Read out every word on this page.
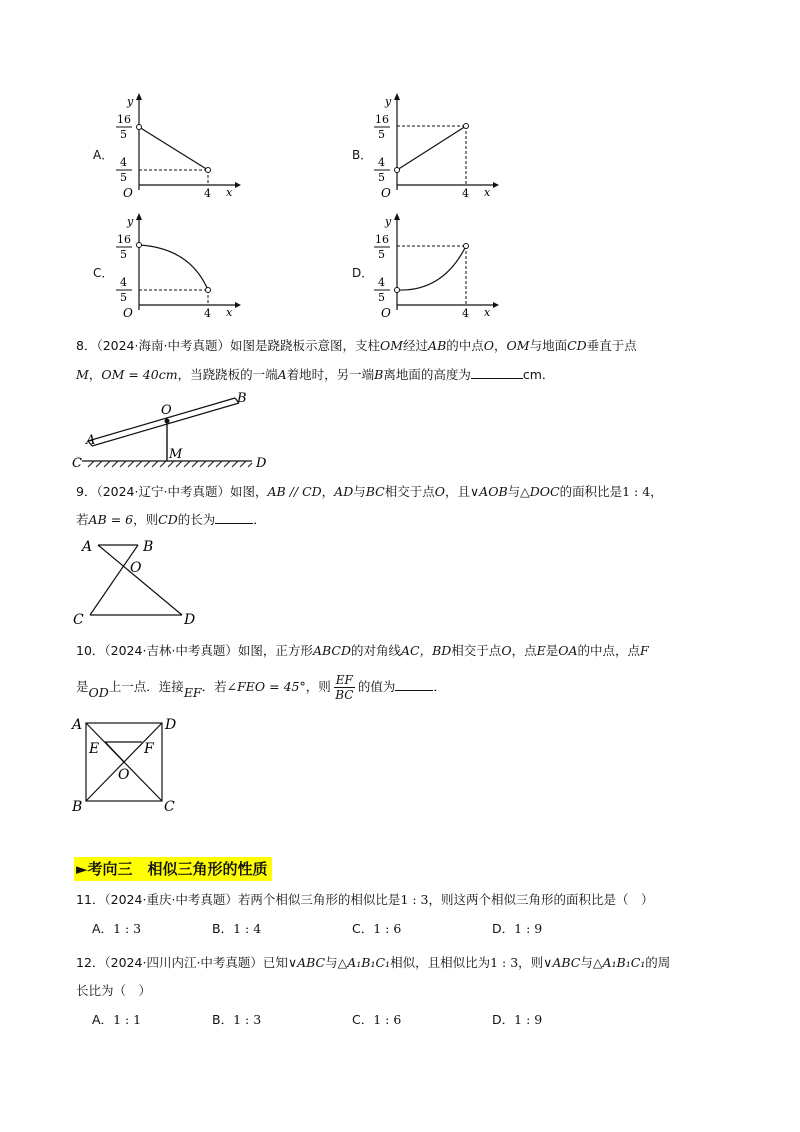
A．
y
x
O
16
5
4
5
4
B．
y
x
O
16
5
4
5
4
C．
y
x
O
16
5
4
5
4
D．
y
x
O
16
5
4
5
4
8．（2024·海南·中考真题）如图是跷跷板示意图，支柱OM经过AB的中点O，OM与地面CD垂直于点
M，OM = 40cm，当跷跷板的一端A着地时，另一端B离地面的高度为	cm．
A
B
O
M
C	D
9．（2024·辽宁·中考真题）如图，AB // CD，AD与BC相交于点O，且∨AOB与△DOC的面积比是1 : 4，
若AB = 6，则CD的长为	．
A	B
O
C	D
10．（2024·吉林·中考真题）如图，正方形ABCD的对角线AC，BD相交于点O，点E是OA的中点，点F
是OD上一点．连接EF．若∠FEO = 45°，则 $\frac{EF}{BC}$ 的值为	．
A	D
E	F
O
B	C
►考向三　相似三角形的性质
11．（2024·重庆·中考真题）若两个相似三角形的相似比是1 : 3，则这两个相似三角形的面积比是（　）
A．1 : 3	B．1 : 4	C．1 : 6	D．1 : 9
12．（2024·四川内江·中考真题）已知∨ABC与△A₁B₁C₁相似，且相似比为1 : 3，则∨ABC与△A₁B₁C₁的周
长比为（　）
A．1 : 1	B．1 : 3	C．1 : 6	D．1 : 9
